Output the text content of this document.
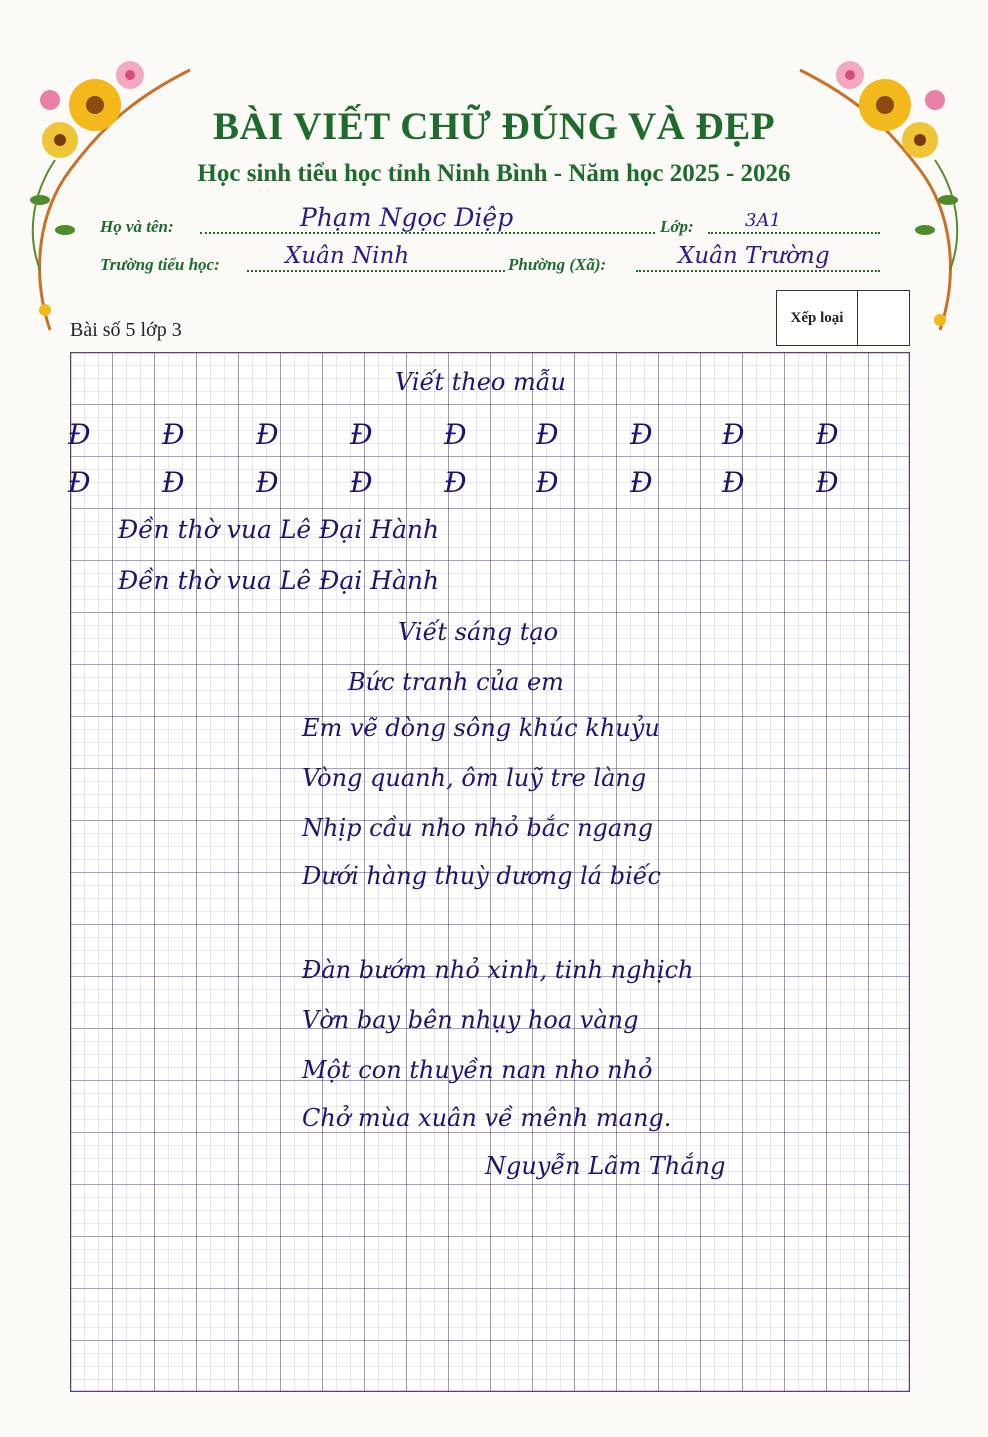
BÀI VIẾT CHỮ ĐÚNG VÀ ĐẸP
Học sinh tiểu học tỉnh Ninh Bình - Năm học 2025 - 2026
Họ và tên:	Phạm Ngọc Diệp	Lớp:	3A1
Trường tiểu học:	Xuân Ninh	Phường (Xã):	Xuân Trường
Bài số 5 lớp 3
Xếp loại
Viết theo mẫu
Đ	Đ	Đ	Đ	Đ Đ	Đ Đ	Đ
Đ	Đ	Đ	Đ	Đ Đ	Đ Đ	Đ
Đền thờ vua Lê Đại Hành
Đền thờ vua Lê Đại Hành
Viết sáng tạo
Bức tranh của em
Em vẽ dòng sông khúc khuỷu
Vòng quanh, ôm luỹ tre làng
Nhịp cầu nho nhỏ bắc ngang
Dưới hàng thuỳ dương lá biếc
Đàn bướm nhỏ xinh, tinh nghịch
Vờn bay bên nhụy hoa vàng
Một con thuyền nan nho nhỏ
Chở mùa xuân về mênh mang.
Nguyễn Lãm Thắng
